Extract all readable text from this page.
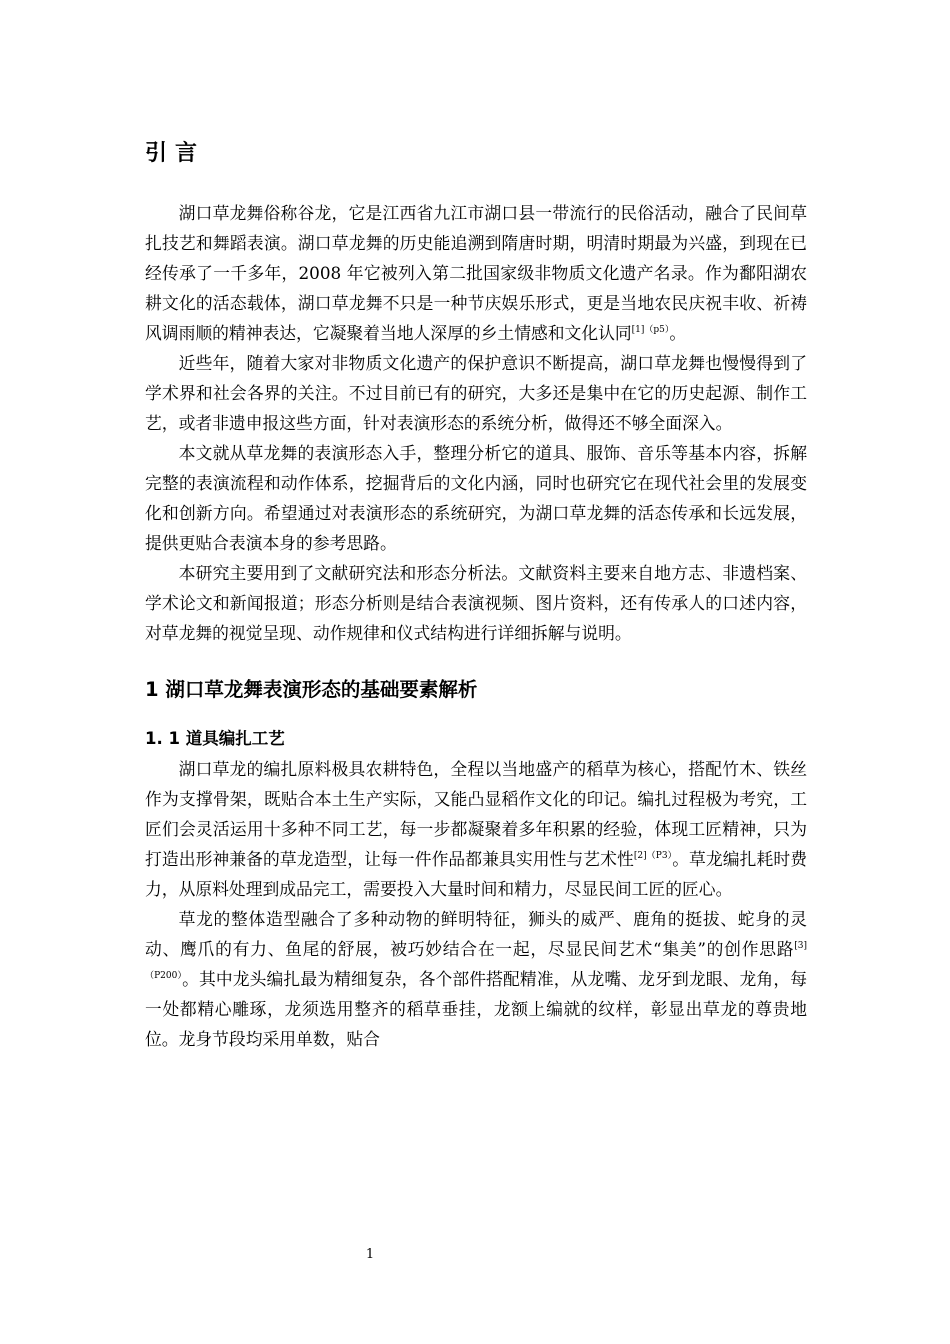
引言

湖口草龙舞俗称谷龙，它是江西省九江市湖口县一带流行的民俗活动，融合了民间草扎技艺和舞蹈表演。湖口草龙舞的历史能追溯到隋唐时期，明清时期最为兴盛，到现在已经传承了一千多年，2008 年它被列入第二批国家级非物质文化遗产名录。作为鄱阳湖农耕文化的活态载体，湖口草龙舞不只是一种节庆娱乐形式，更是当地农民庆祝丰收、祈祷风调雨顺的精神表达，它凝聚着当地人深厚的乡土情感和文化认同$^{[1](p5)}$。

近些年，随着大家对非物质文化遗产的保护意识不断提高，湖口草龙舞也慢慢得到了学术界和社会各界的关注。不过目前已有的研究，大多还是集中在它的历史起源、制作工艺，或者非遗申报这些方面，针对表演形态的系统分析，做得还不够全面深入。

本文就从草龙舞的表演形态入手，整理分析它的道具、服饰、音乐等基本内容，拆解完整的表演流程和动作体系，挖掘背后的文化内涵，同时也研究它在现代社会里的发展变化和创新方向。希望通过对表演形态的系统研究，为湖口草龙舞的活态传承和长远发展，提供更贴合表演本身的参考思路。

本研究主要用到了文献研究法和形态分析法。文献资料主要来自地方志、非遗档案、学术论文和新闻报道；形态分析则是结合表演视频、图片资料，还有传承人的口述内容，对草龙舞的视觉呈现、动作规律和仪式结构进行详细拆解与说明。

1 湖口草龙舞表演形态的基础要素解析
1. 1 道具编扎工艺

湖口草龙的编扎原料极具农耕特色，全程以当地盛产的稻草为核心，搭配竹木、铁丝作为支撑骨架，既贴合本土生产实际，又能凸显稻作文化的印记。编扎过程极为考究，工匠们会灵活运用十多种不同工艺，每一步都凝聚着多年积累的经验，体现工匠精神，只为打造出形神兼备的草龙造型，让每一件作品都兼具实用性与艺术性$^{[2](P3)}$。草龙编扎耗时费力，从原料处理到成品完工，需要投入大量时间和精力，尽显民间工匠的匠心。

草龙的整体造型融合了多种动物的鲜明特征，狮头的威严、鹿角的挺拔、蛇身的灵动、鹰爪的有力、鱼尾的舒展，被巧妙结合在一起，尽显民间艺术“集美”的创作思路$^{[3](P200)}$。其中龙头编扎最为精细复杂，各个部件搭配精准，从龙嘴、龙牙到龙眼、龙角，每一处都精心雕琢，龙须选用整齐的稻草垂挂，龙额上编就的纹样，彰显出草龙的尊贵地位。龙身节段均采用单数，贴合

1
